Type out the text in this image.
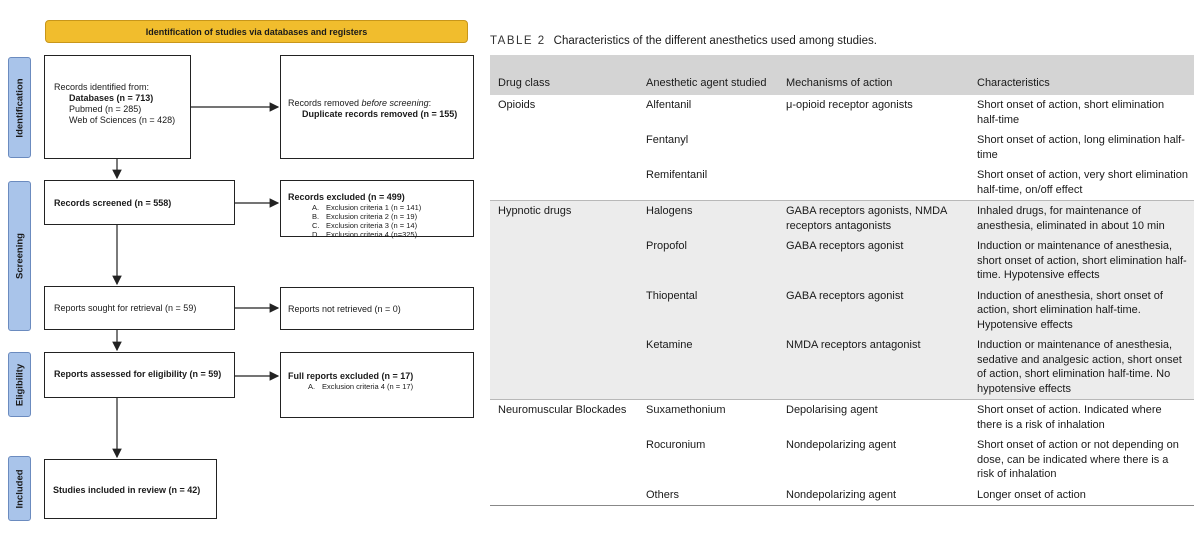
Identification of studies via databases and registers
Identification
Screening
Eligibility
Included
Records identified from:
Databases (n = 713)
Pubmed (n = 285)
Web of Sciences (n = 428)
Records removed before screening:
Duplicate records removed (n = 155)
Records screened (n = 558)
Records excluded (n = 499)
A. Exclusion criteria 1 (n = 141)
B. Exclusion criteria 2 (n = 19)
C. Exclusion criteria 3 (n = 14)
D. Exclusion criteria 4 (n=325)
Reports sought for retrieval (n = 59)	Reports not retrieved (n = 0)
Reports assessed for eligibility (n = 59)	Full reports excluded (n = 17)
A. Exclusion criteria 4 (n = 17)
Studies included in review (n = 42)
TABLE 2 Characteristics of the different anesthetics used among studies.
Drug class	Anesthetic agent studied	Mechanisms of action	Characteristics
Opioids	Alfentanil	μ-opioid receptor agonists	Short onset of action, short elimination half-time
	Fentanyl		Short onset of action, long elimination half-time
	Remifentanil		Short onset of action, very short elimination half-time, on/off effect
Hypnotic drugs	Halogens	GABA receptors agonists, NMDA receptors antagonists	Inhaled drugs, for maintenance of anesthesia, eliminated in about 10 min
	Propofol	GABA receptors agonist	Induction or maintenance of anesthesia, short onset of action, short elimination half-time. Hypotensive effects
	Thiopental	GABA receptors agonist	Induction of anesthesia, short onset of action, short elimination half-time. Hypotensive effects
	Ketamine	NMDA receptors antagonist	Induction or maintenance of anesthesia, sedative and analgesic action, short onset of action, short elimination half-time. No hypotensive effects
Neuromuscular Blockades	Suxamethonium	Depolarising agent	Short onset of action. Indicated where there is a risk of inhalation
	Rocuronium	Nondepolarizing agent	Short onset of action or not depending on dose, can be indicated where there is a risk of inhalation
	Others	Nondepolarizing agent	Longer onset of action
